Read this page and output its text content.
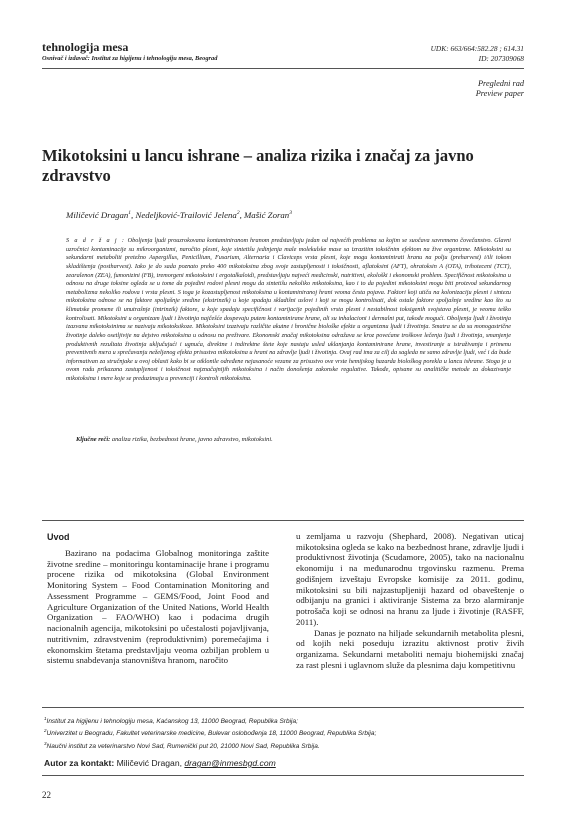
tehnologija mesa
Osnivač i izdavač: Institut za higijenu i tehnologiju mesa, Beograd
UDK: 663/664:582.28 ; 614.31
ID: 207309068
Pregledni rad
Preview paper
Mikotoksini u lancu ishrane – analiza rizika i značaj za javno zdravstvo
Miličević Dragan$^1$, Nedeljković-Trailović Jelena$^2$, Mašić Zoran$^3$
S a d r ž a j : Oboljenja ljudi prouzrokovana kontaminiranom hranom predstavljaju jedan od najvećih problema sa kojim se suočava savremeno čovečanstvo. Glavni uzročnici kontaminacije su mikroorganizmi, naročito plesni, koje sintetišu jedinjenja male molekulske mase sa izrazitim toksičnim efektom na žive organizme. Mikotoksini su sekundarni metaboliti pretežno Aspergillus, Penicillium, Fusarium, Alternaria i Claviceps vrsta plesni, koje mogu kontaminirati hranu na polju (preharvest) i/ili tokom skladištenja (postharvest). Iako je do sada poznato preko 400 mikotoksina zbog svoje zastupljenosti i toksičnosti, aflatoksini (AFT), ohratoksin A (OTA), trihoteceni (TCT), zearalenon (ZEA), fumonizini (FB), tremorgeni mikotoksini i ergotalkaloidi, predstavljaju najveći medicinski, nutritivni, ekološki i ekonomski problem. Specifičnost mikotoksina u odnosu na druge toksine ogleda se u tome da pojedini rodovi plesni mogu da sintetišu nekoliko mikotoksina, kao i to da pojedini mikotoksini mogu biti proizvod sekundarnog metabolizma nekoliko rodova i vrsta plesni. S toga je kozastupljenost mikotoksina u kontaminiranoj hrani veoma česta pojava. Faktori koji utiču na kolonizaciju plesni i sintezu mikotoksina odnose se na faktore spoljašnje sredine (ekstrinzik) u koje spadaju skladišni uslovi i koji se mogu kontrolisati, dok ostale faktore spoljašnje sredine kao što su klimatske promene ili unutrašnje (intrinzik) faktore, u koje spadaju specifičnost i varijacije pojedinih vrsta plesni i nestabilnost toksigenih svojstava plesni, je veoma teško kontrolisati. Mikotoksini u organizam ljudi i životinja najčešće dospevaju putem kontaminirane hrane, ali su inhalacioni i dermalni put, takođe mogući. Oboljenja ljudi i životinja izazvana mikotoksinima se nazivaju mikotoksikoze. Mikotoksini izazivaju različite akutne i hronične biološke efekte u organizmu ljudi i životinja. Smatra se da su monogastrične životinje daleko osetljivije na dejstvo mikotoksina u odnosu na preživare. Ekonomski značaj mikotoksina odražava se kroz povećane troškove lečenja ljudi i životinja, smanjenje produktivnih rezultata životinja uključujući i ugnuća, direktne i indirektne štete koje nastaju usled uklanjanja kontaminirane hrane, investiranje u istraživanja i primenu preventivnih mera u sprečavanju neželjenog efekta prisustva mikotoksina u hrani na zdravlje ljudi i životinja. Ovaj rad ima za cilj da sagleda ne samo zdravlje ljudi, već i da bude informativan za stručnjake u ovoj oblasti kako bi se otklonile određene nejasanoće vezane za prisustvo ove vrste hemijskog hazarda biološkog porekla u lancu ishrane. Stoga je u ovom radu prikazana zastupljenost i toksičnost najznačajnijih mikotoksina i način donošenja zakonske regulative. Takođe, opisane su analitičke metode za dokazivanje mikotoksina i mere koje se preduzimaju u prevenciji i kontroli mikotoksina.
Ključne reči: analiza rizika, bezbednost hrane, javno zdravstvo, mikotoksini.
Uvod

Bazirano na podacima Globalnog monitoringa zaštite životne sredine – monitoringu kontaminacije hrane i programu procene rizika od mikotoksina (Global Environment Monitoring System – Food Contamination Monitoring and Assessment Programme – GEMS/Food, Joint Food and Agriculture Organization of the United Nations, World Health Organization – FAO/WHO) kao i podacima drugih nacionalnih agencija, mikotoksini po učestalosti pojavljivanja, nutritivnim, zdravstvenim (reproduktivnim) poremećajima i ekonomskim štetama predstavljaju veoma ozbiljan problem u sistemu snabdevanja stanovništva hranom, naročito

u zemljama u razvoju (Shephard, 2008). Negativan uticaj mikotoksina ogleda se kako na bezbednost hrane, zdravlje ljudi i produktivnost životinja (Scudamore, 2005), tako na nacionalnu ekonomiju i na međunarodnu trgovinsku razmenu. Prema godišnjem izveštaju Evropske komisije za 2011. godinu, mikotoksini su bili najzastupljeniji hazard od obaveštenje o odbijanju na granici i aktiviranje Sistema za brzo alarmiranje potrošača koji se odnosi na hranu za ljude i životinje (RASFF, 2011).

Danas je poznato na hiljade sekundarnih metabolita plesni, od kojih neki poseduju izrazitu aktivnost protiv živih organizama. Sekundarni metaboliti nemaju biohemijski značaj za rast plesni i uglavnom služe da plesnima daju kompetitivnu

$^1$Institut za higijenu i tehnologiju mesa, Kaćanskog 13, 11000 Beograd, Republika Srbija;
$^2$Univerzitet u Beogradu, Fakultet veterinarske medicine, Bulevar oslobođenja 18, 11000 Beograd, Republika Srbija;
$^3$Naučni institut za veterinarstvo Novi Sad, Rumenički put 20, 21000 Novi Sad, Republika Srbija.
Autor za kontakt: Miličević Dragan, dragan@inmesbgd.com
22
